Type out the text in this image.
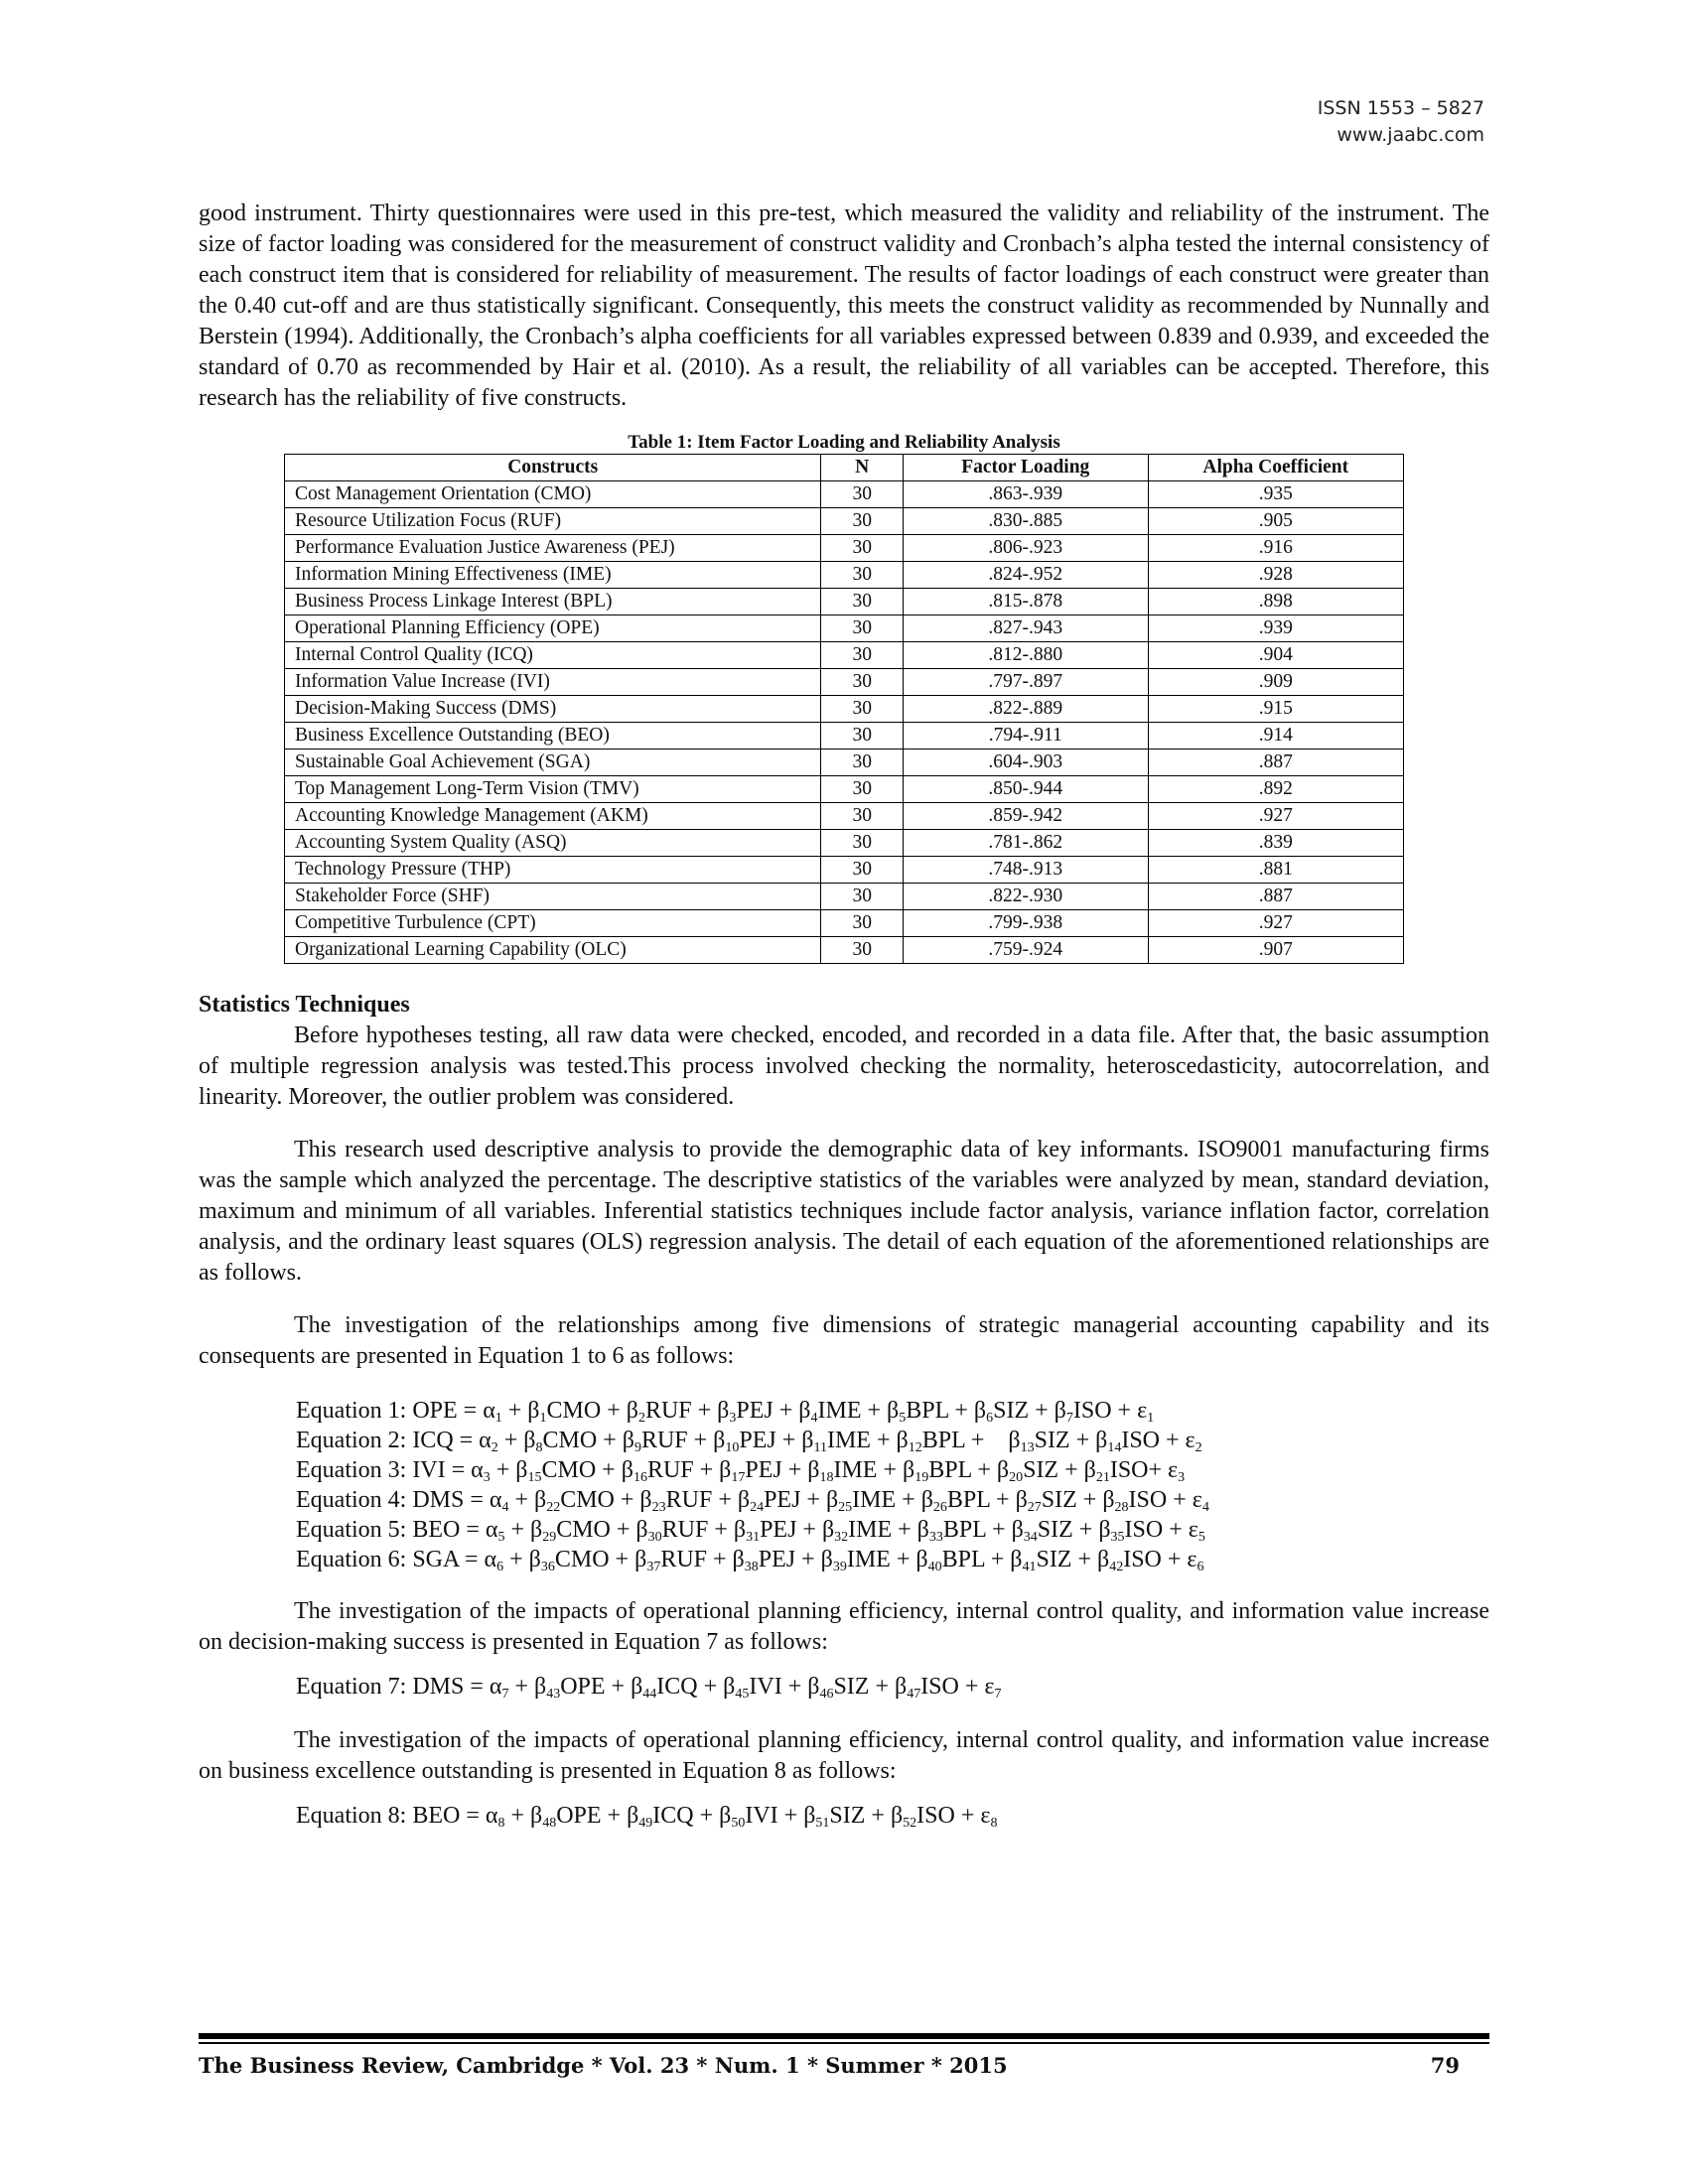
ISSN 1553 – 5827
www.jaabc.com

good instrument. Thirty questionnaires were used in this pre-test, which measured the validity and reliability of the instrument. The size of factor loading was considered for the measurement of construct validity and Cronbach’s alpha tested the internal consistency of each construct item that is considered for reliability of measurement. The results of factor loadings of each construct were greater than the 0.40 cut-off and are thus statistically significant. Consequently, this meets the construct validity as recommended by Nunnally and Berstein (1994). Additionally, the Cronbach’s alpha coefficients for all variables expressed between 0.839 and 0.939, and exceeded the standard of 0.70 as recommended by Hair et al. (2010). As a result, the reliability of all variables can be accepted. Therefore, this research has the reliability of five constructs.

Table 1: Item Factor Loading and Reliability Analysis
Constructs	N	Factor Loading	Alpha Coefficient
Cost Management Orientation (CMO)	30	.863-.939	.935
Resource Utilization Focus (RUF)	30	.830-.885	.905
Performance Evaluation Justice Awareness (PEJ)	30	.806-.923	.916
Information Mining Effectiveness (IME)	30	.824-.952	.928
Business Process Linkage Interest (BPL)	30	.815-.878	.898
Operational Planning Efficiency (OPE)	30	.827-.943	.939
Internal Control Quality (ICQ)	30	.812-.880	.904
Information Value Increase (IVI)	30	.797-.897	.909
Decision-Making Success (DMS)	30	.822-.889	.915
Business Excellence Outstanding (BEO)	30	.794-.911	.914
Sustainable Goal Achievement (SGA)	30	.604-.903	.887
Top Management Long-Term Vision (TMV)	30	.850-.944	.892
Accounting Knowledge Management (AKM)	30	.859-.942	.927
Accounting System Quality (ASQ)	30	.781-.862	.839
Technology Pressure (THP)	30	.748-.913	.881
Stakeholder Force (SHF)	30	.822-.930	.887
Competitive Turbulence (CPT)	30	.799-.938	.927
Organizational Learning Capability (OLC)	30	.759-.924	.907
Statistics Techniques

Before hypotheses testing, all raw data were checked, encoded, and recorded in a data file. After that, the basic assumption of multiple regression analysis was tested.This process involved checking the normality, heteroscedasticity, autocorrelation, and linearity. Moreover, the outlier problem was considered.

This research used descriptive analysis to provide the demographic data of key informants. ISO9001 manufacturing firms was the sample which analyzed the percentage. The descriptive statistics of the variables were analyzed by mean, standard deviation, maximum and minimum of all variables. Inferential statistics techniques include factor analysis, variance inflation factor, correlation analysis, and the ordinary least squares (OLS) regression analysis. The detail of each equation of the aforementioned relationships are as follows.

The investigation of the relationships among five dimensions of strategic managerial accounting capability and its consequents are presented in Equation 1 to 6 as follows:

Equation 1: OPE = $\alpha_1 + \beta_1CMO + \beta_2RUF + \beta_3PEJ + \beta_4IME + \beta_5BPL + \beta_6SIZ + \beta_7ISO + \varepsilon_1$
Equation 2: ICQ = $\alpha_2 + \beta_8CMO + \beta_9RUF + \beta_{10}PEJ + \beta_{11}IME + \beta_{12}BPL$ +    $\beta_{13}SIZ + \beta_{14}ISO + \varepsilon_2$
Equation 3: IVI = $\alpha_3 + \beta_{15}CMO + \beta_{16}RUF + \beta_{17}PEJ + \beta_{18}IME + \beta_{19}BPL + \beta_{20}SIZ + \beta_{21}ISO+ \varepsilon_3$
Equation 4: DMS = $\alpha_4 + \beta_{22}CMO + \beta_{23}RUF + \beta_{24}PEJ + \beta_{25}IME + \beta_{26}BPL + \beta_{27}SIZ + \beta_{28}ISO + \varepsilon_4$
Equation 5: BEO = $\alpha_5 + \beta_{29}CMO + \beta_{30}RUF + \beta_{31}PEJ + \beta_{32}IME + \beta_{33}BPL + \beta_{34}SIZ + \beta_{35}ISO + \varepsilon_5$
Equation 6: SGA = $\alpha_6 + \beta_{36}CMO + \beta_{37}RUF + \beta_{38}PEJ + \beta_{39}IME + \beta_{40}BPL + \beta_{41}SIZ + \beta_{42}ISO + \varepsilon_6$

The investigation of the impacts of operational planning efficiency, internal control quality, and information value increase on decision-making success is presented in Equation 7 as follows:

Equation 7: DMS = $\alpha_7 + \beta_{43}OPE + \beta_{44}ICQ + \beta_{45}IVI + \beta_{46}SIZ + \beta_{47}ISO + \varepsilon_7$

The investigation of the impacts of operational planning efficiency, internal control quality, and information value increase on business excellence outstanding is presented in Equation 8 as follows:

Equation 8: BEO = $\alpha_8 + \beta_{48}OPE + \beta_{49}ICQ + \beta_{50}IVI + \beta_{51}SIZ + \beta_{52}ISO + \varepsilon_8$
The Business Review, Cambridge * Vol. 23 * Num. 1 * Summer * 2015	79
